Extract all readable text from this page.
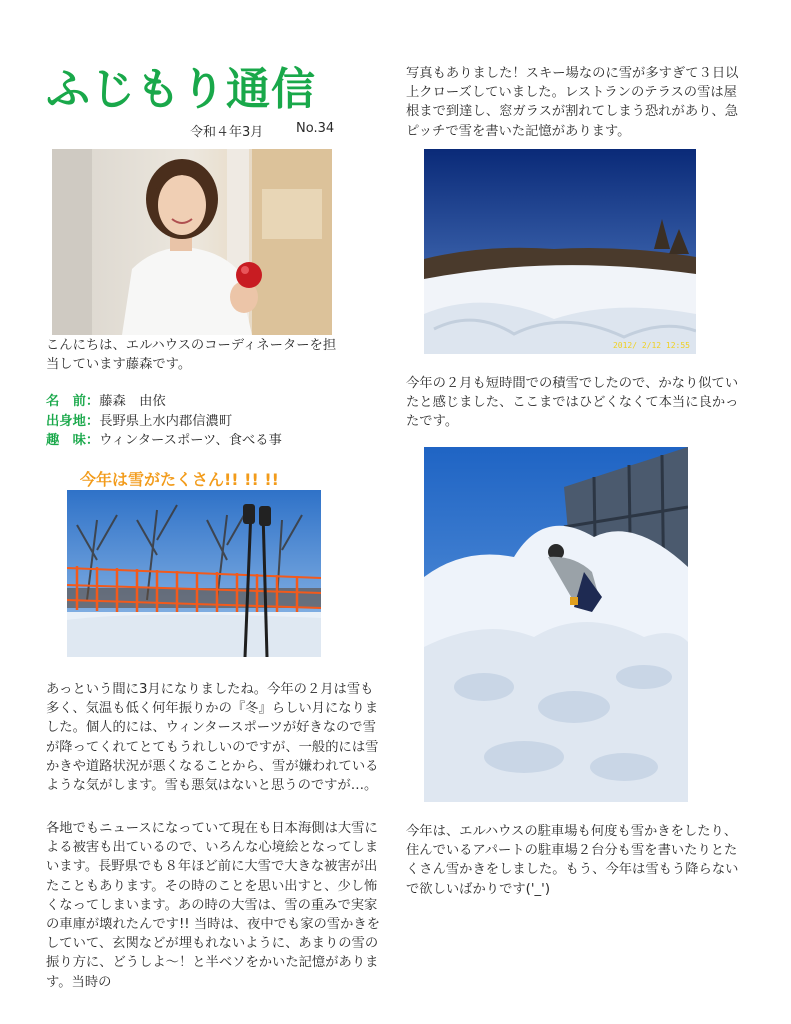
ふじもり通信
令和４年3月	No.34

こんにちは、エルハウスのコーディネーターを担当しています藤森です。

名　前：藤森　由依
出身地：長野県上水内郡信濃町
趣　味：ウィンタースポーツ、食べる事
今年は雪がたくさん!! !! !!

あっという間に3月になりましたね。今年の２月は雪も多く、気温も低く何年振りかの『冬』らしい月になりました。個人的には、ウィンタースポーツが好きなので雪が降ってくれてとてもうれしいのですが、一般的には雪かきや道路状況が悪くなることから、雪が嫌われているような気がします。雪も悪気はないと思うのですが…。

各地でもニュースになっていて現在も日本海側は大雪による被害も出ているので、いろんな心境絵となってしまいます。長野県でも８年ほど前に大雪で大きな被害が出たこともあります。その時のことを思い出すと、少し怖くなってしまいます。あの時の大雪は、雪の重みで実家の車庫が壊れたんです!! 当時は、夜中でも家の雪かきをしていて、玄関などが埋もれないように、あまりの雪の振り方に、どうしよ～！と半ベソをかいた記憶があります。当時の

写真もありました！スキー場なのに雪が多すぎて３日以上クローズしていました。レストランのテラスの雪は屋根まで到達し、窓ガラスが割れてしまう恐れがあり、急ピッチで雪を書いた記憶があります。

2012/ 2/12 12:55

今年の２月も短時間での積雪でしたので、かなり似ていたと感じました、ここまではひどくなくて本当に良かったです。

今年は、エルハウスの駐車場も何度も雪かきをしたり、住んでいるアパートの駐車場２台分も雪を書いたりとたくさん雪かきをしました。もう、今年は雪もう降らないで欲しいばかりです('_')
